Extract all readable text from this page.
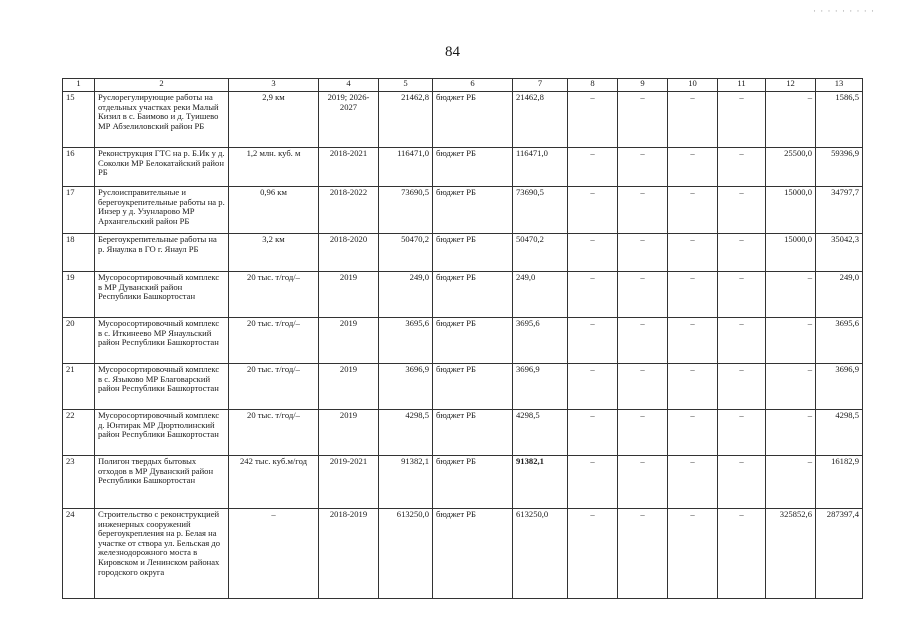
· · · · · · · · ·
84
1	2	3	4	5	6	7	8	9	10	11	12	13
15	Руслорегулирующие работы на отдельных участках реки Малый Кизил в с. Баимово и д. Туишево МР Абзелиловский район РБ	2,9 км	2019; 2026-2027	21462,8	бюджет РБ	21462,8	–	–	–	–	–	1586,5
16	Реконструкция ГТС на р. Б.Ик у д. Соколки МР Белокатайский район РБ	1,2 млн. куб. м	2018-2021	116471,0	бюджет РБ	116471,0	–	–	–	–	25500,0	59396,9
17	Руслоисправительные и берегоукрепительные работы на р. Инзер у д. Узунларово МР Архангельский район РБ	0,96 км	2018-2022	73690,5	бюджет РБ	73690,5	–	–	–	–	15000,0	34797,7
18	Берегоукрепительные работы на р. Янаулка в ГО г. Янаул РБ	3,2 км	2018-2020	50470,2	бюджет РБ	50470,2	–	–	–	–	15000,0	35042,3
19	Мусоросортировочный комплекс в МР Дуванский район Республики Башкортостан	20 тыс. т/год/–	2019	249,0	бюджет РБ	249,0	–	–	–	–	–	249,0
20	Мусоросортировочный комплекс в с. Иткинеево МР Янаульский район Республики Башкортостан	20 тыс. т/год/–	2019	3695,6	бюджет РБ	3695,6	–	–	–	–	–	3695,6
21	Мусоросортировочный комплекс в с. Языково МР Благоварский район Республики Башкортостан	20 тыс. т/год/–	2019	3696,9	бюджет РБ	3696,9	–	–	–	–	–	3696,9
22	Мусоросортировочный комплекс д. Юнтирак МР Дюртюлинский район Республики Башкортостан	20 тыс. т/год/–	2019	4298,5	бюджет РБ	4298,5	–	–	–	–	–	4298,5
23	Полигон твердых бытовых отходов в МР Дуванский район Республики Башкортостан	242 тыс. куб.м/год	2019-2021	91382,1	бюджет РБ	91382,1	–	–	–	–	–	16182,9
24	Строительство с реконструкцией инженерных сооружений берегоукрепления на р. Белая на участке от створа ул. Бельская до железнодорожного моста в Кировском и Ленинском районах городского округа	–	2018-2019	613250,0	бюджет РБ	613250,0	–	–	–	–	325852,6	287397,4
